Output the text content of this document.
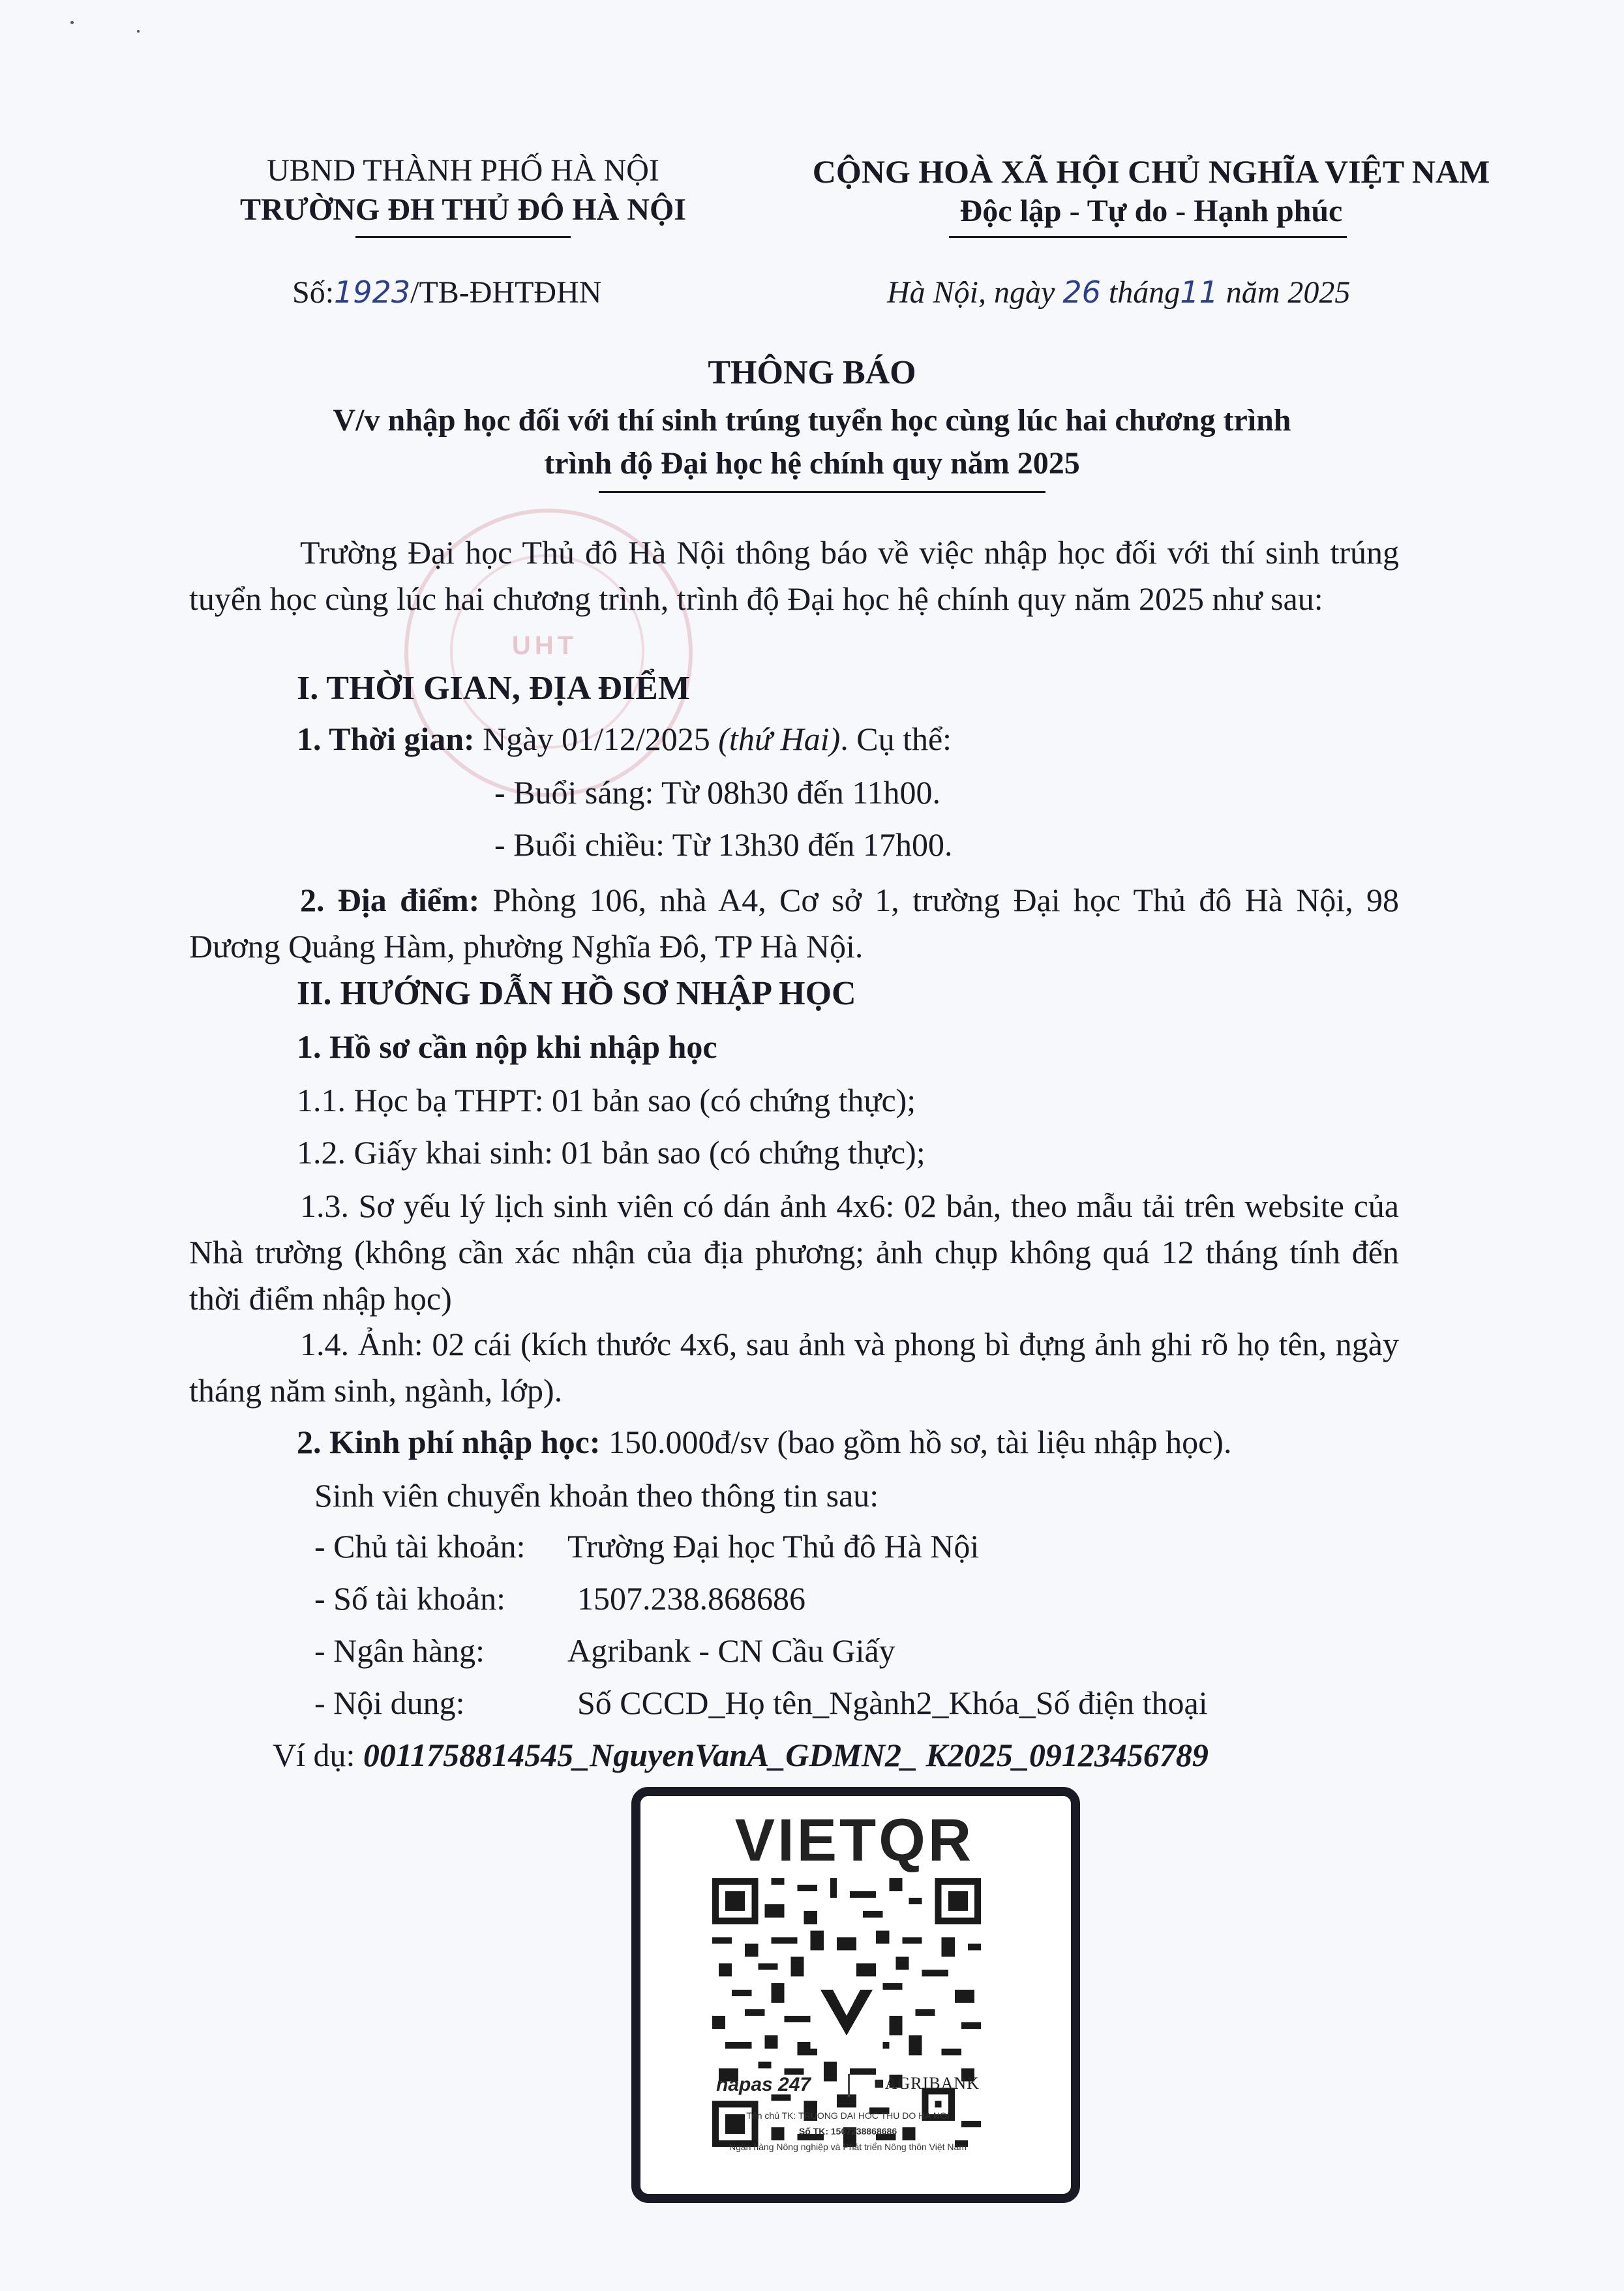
UBND THÀNH PHỐ HÀ NỘI
TRƯỜNG ĐH THỦ ĐÔ HÀ NỘI
CỘNG HOÀ XÃ HỘI CHỦ NGHĨA VIỆT NAM
Độc lập - Tự do - Hạnh phúc
Số:1923/TB-ĐHTĐHN	Hà Nội, ngày 26 tháng11 năm 2025
THÔNG BÁO
V/v nhập học đối với thí sinh trúng tuyển học cùng lúc hai chương trình
trình độ Đại học hệ chính quy năm 2025
UHT
Trường Đại học Thủ đô Hà Nội thông báo về việc nhập học đối với thí sinh trúng tuyển học cùng lúc hai chương trình, trình độ Đại học hệ chính quy năm 2025 như sau:
I. THỜI GIAN, ĐỊA ĐIỂM
1. Thời gian: Ngày 01/12/2025 (thứ Hai). Cụ thể:
- Buổi sáng: Từ 08h30 đến 11h00.
- Buổi chiều: Từ 13h30 đến 17h00.
2. Địa điểm: Phòng 106, nhà A4, Cơ sở 1, trường Đại học Thủ đô Hà Nội, 98 Dương Quảng Hàm, phường Nghĩa Đô, TP Hà Nội.
II. HƯỚNG DẪN HỒ SƠ NHẬP HỌC
1. Hồ sơ cần nộp khi nhập học
1.1. Học bạ THPT: 01 bản sao (có chứng thực);
1.2. Giấy khai sinh: 01 bản sao (có chứng thực);
1.3. Sơ yếu lý lịch sinh viên có dán ảnh 4x6: 02 bản, theo mẫu tải trên website của Nhà trường (không cần xác nhận của địa phương; ảnh chụp không quá 12 tháng tính đến thời điểm nhập học)
1.4. Ảnh: 02 cái (kích thước 4x6, sau ảnh và phong bì đựng ảnh ghi rõ họ tên, ngày tháng năm sinh, ngành, lớp).
2. Kinh phí nhập học: 150.000đ/sv (bao gồm hồ sơ, tài liệu nhập học).
Sinh viên chuyển khoản theo thông tin sau:
- Chủ tài khoản: Trường Đại học Thủ đô Hà Nội
- Số tài khoản: 1507.238.868686
- Ngân hàng:	Agribank - CN Cầu Giấy
- Nội dung:	Số CCCD_Họ tên_Ngành2_Khóa_Số điện thoại
Ví dụ: 0011758814545_NguyenVanA_GDMN2_ K2025_09123456789
VIETQR
napas 247	■AGRIBANK
Tên chủ TK: TRUONG DAI HOC THU DO HA NOI
Số TK: 1507238868686
Ngân hàng Nông nghiệp và Phát triển Nông thôn Việt Nam
